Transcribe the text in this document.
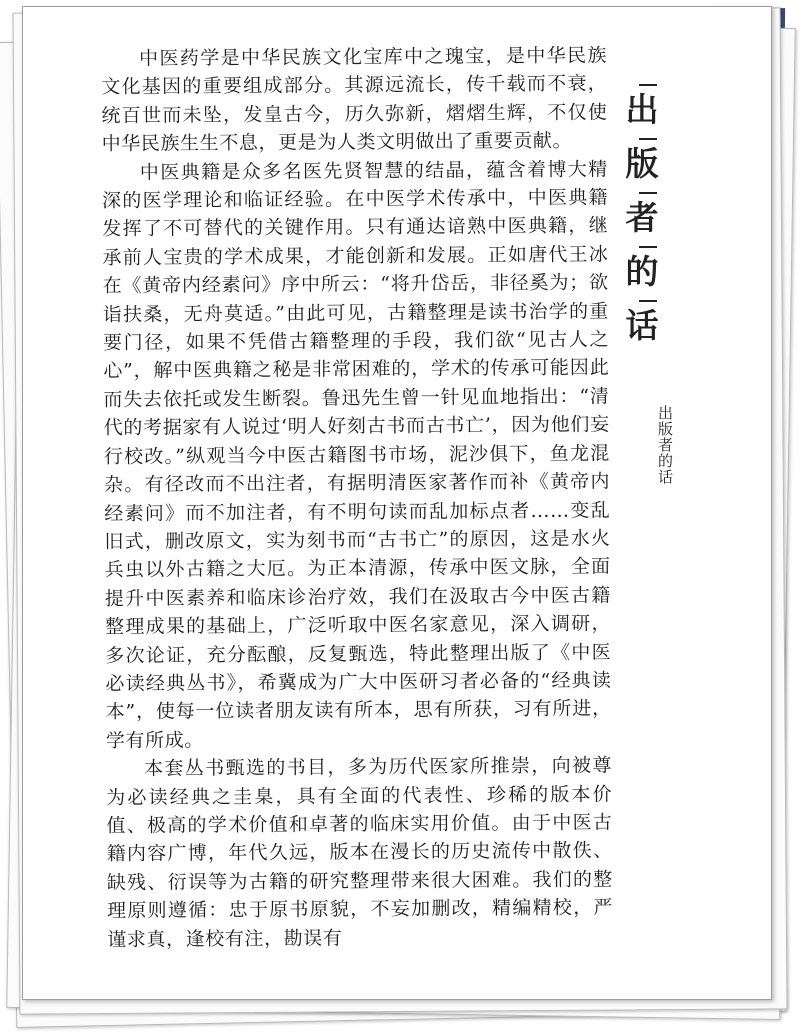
中医药学是中华民族文化宝库中之瑰宝，是中华民族文化基因的重要组成部分。其源远流长，传千载而不衰，统百世而未坠，发皇古今，历久弥新，熠熠生辉，不仅使中华民族生生不息，更是为人类文明做出了重要贡献。

中医典籍是众多名医先贤智慧的结晶，蕴含着博大精深的医学理论和临证经验。在中医学术传承中，中医典籍发挥了不可替代的关键作用。只有通达谙熟中医典籍，继承前人宝贵的学术成果，才能创新和发展。正如唐代王冰在《黄帝内经素问》序中所云：“将升岱岳，非径奚为；欲诣扶桑，无舟莫适。”由此可见，古籍整理是读书治学的重要门径，如果不凭借古籍整理的手段，我们欲“见古人之心”，解中医典籍之秘是非常困难的，学术的传承可能因此而失去依托或发生断裂。鲁迅先生曾一针见血地指出：“清代的考据家有人说过‘明人好刻古书而古书亡’，因为他们妄行校改。”纵观当今中医古籍图书市场，泥沙俱下，鱼龙混杂。有径改而不出注者，有据明清医家著作而补《黄帝内经素问》而不加注者，有不明句读而乱加标点者……变乱旧式，删改原文，实为刻书而“古书亡”的原因，这是水火兵虫以外古籍之大厄。为正本清源，传承中医文脉，全面提升中医素养和临床诊治疗效，我们在汲取古今中医古籍整理成果的基础上，广泛听取中医名家意见，深入调研，多次论证，充分酝酿，反复甄选，特此整理出版了《中医必读经典丛书》，希冀成为广大中医研习者必备的“经典读本”，使每一位读者朋友读有所本，思有所获，习有所进，学有所成。

本套丛书甄选的书目，多为历代医家所推崇，向被尊为必读经典之圭臬，具有全面的代表性、珍稀的版本价值、极高的学术价值和卓著的临床实用价值。由于中医古籍内容广博，年代久远，版本在漫长的历史流传中散佚、缺残、衍误等为古籍的研究整理带来很大困难。我们的整理原则遵循：忠于原书原貌，不妄加删改，精编精校，严谨求真，逢校有注，勘误有

出
版
者
的
话
出版者的话
